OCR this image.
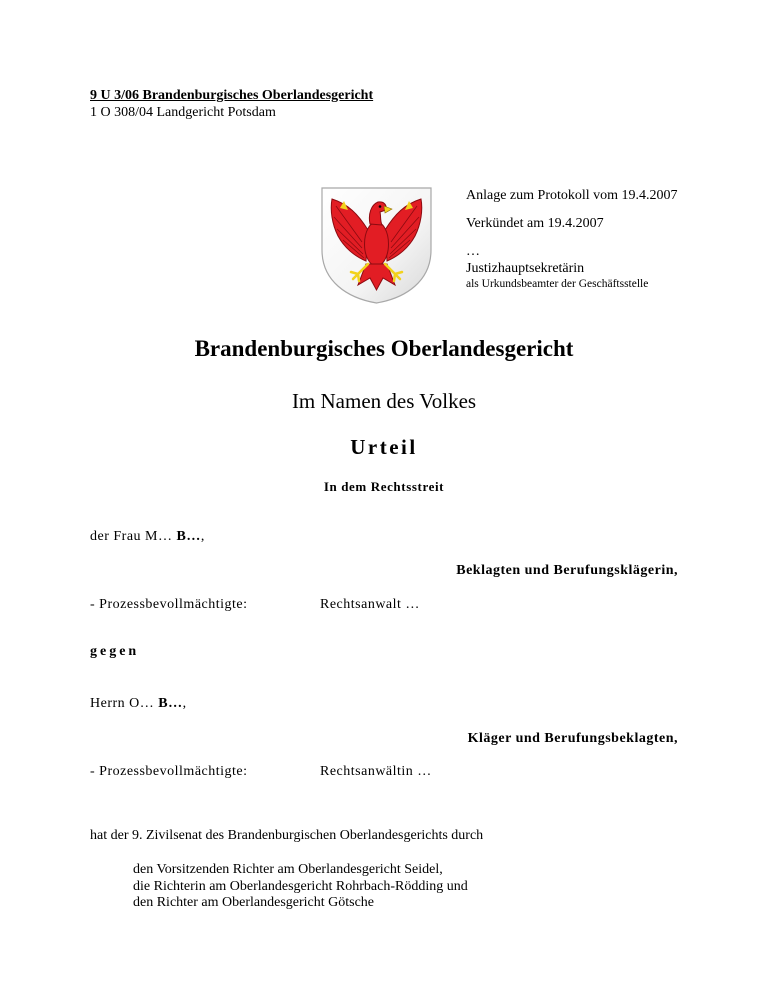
9 U 3/06 Brandenburgisches Oberlandesgericht
1 O 308/04 Landgericht Potsdam
Anlage zum Protokoll vom 19.4.2007
Verkündet am 19.4.2007
…
Justizhauptsekretärin
als Urkundsbeamter der Geschäftsstelle
Brandenburgisches Oberlandesgericht
Im Namen des Volkes
Urteil
In dem Rechtsstreit
der Frau M… B…,
Beklagten und Berufungsklägerin,
- Prozessbevollmächtigte:	Rechtsanwalt …
gegen
Herrn O… B…,
Kläger und Berufungsbeklagten,
- Prozessbevollmächtigte:	Rechtsanwältin …
hat der 9. Zivilsenat des Brandenburgischen Oberlandesgerichts durch
den Vorsitzenden Richter am Oberlandesgericht Seidel,
die Richterin am Oberlandesgericht Rohrbach-Rödding und
den Richter am Oberlandesgericht Götsche
